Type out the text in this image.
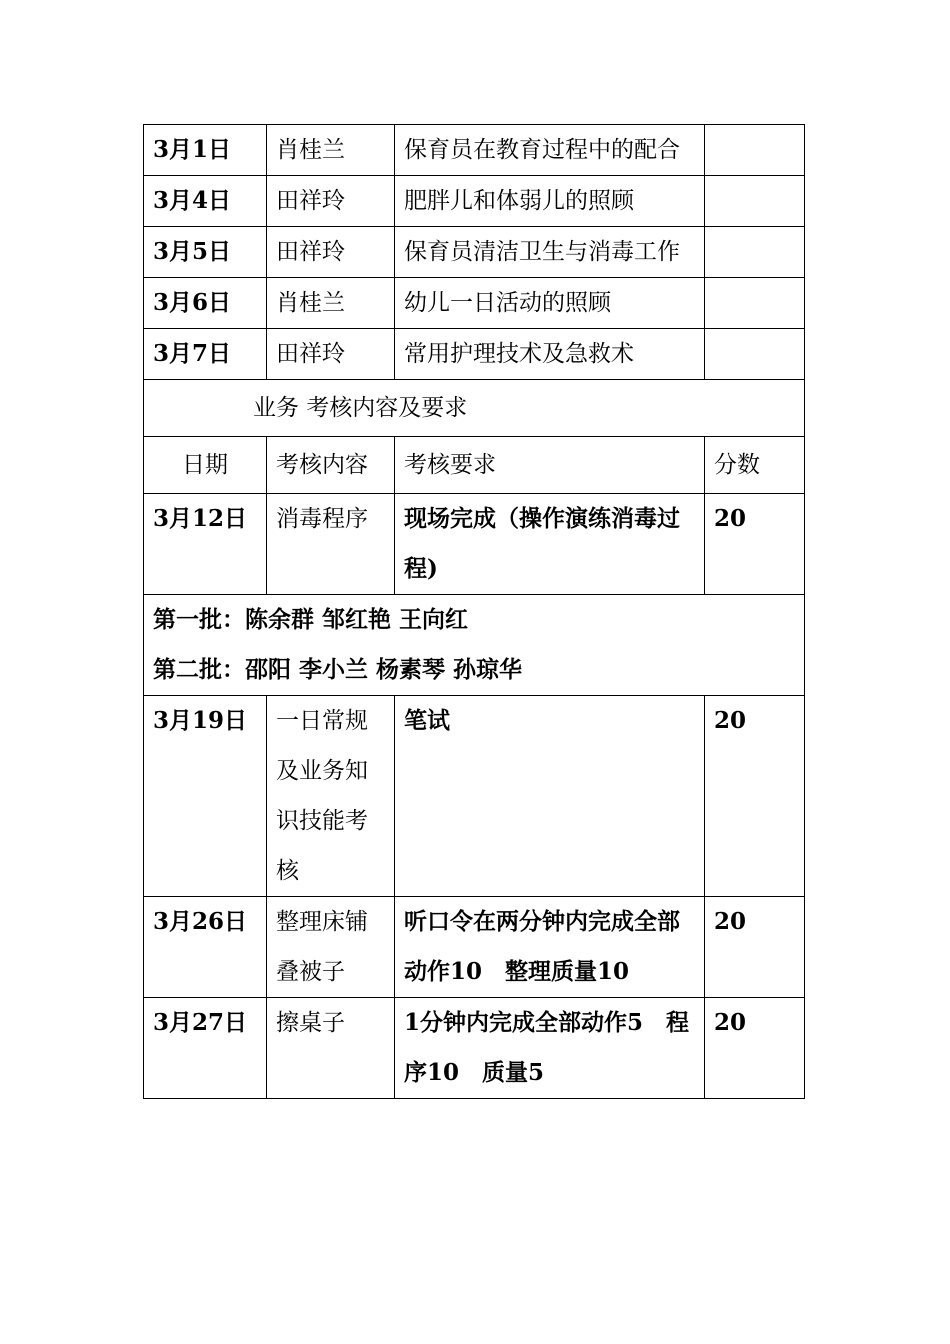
3月1日	肖桂兰	保育员在教育过程中的配合	
3月4日	田祥玲	肥胖儿和体弱儿的照顾	
3月5日	田祥玲	保育员清洁卫生与消毒工作	
3月6日	肖桂兰	幼儿一日活动的照顾	
3月7日	田祥玲	常用护理技术及急救术	
业务 考核内容及要求			
日期	考核内容	考核要求	分数
3月12日	消毒程序	现场完成（操作演练消毒过程)	20

第一批：陈余群 邹红艳 王向红
第二批：邵阳 李小兰 杨素琴 孙琼华			

3月19日	一日常规及业务知识技能考核	笔试	20
3月26日	整理床铺叠被子	听口令在两分钟内完成全部动作10　整理质量10	20
3月27日	擦桌子	1分钟内完成全部动作5　程序10　质量5	20
